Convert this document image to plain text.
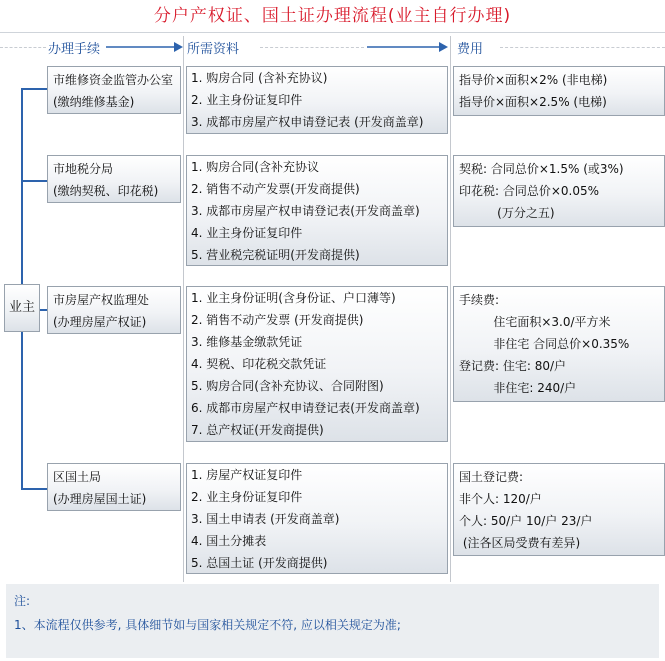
分户产权证、国土证办理流程(业主自行办理)
办理手续	所需资料	费用
业主
市维修资金监管办公室
(缴纳维修基金)
1. 购房合同 (含补充协议)
2. 业主身份证复印件
3. 成都市房屋产权申请登记表 (开发商盖章)
指导价×面积×2% (非电梯)
指导价×面积×2.5% (电梯)
市地税分局
(缴纳契税、印花税)
1. 购房合同(含补充协议
2. 销售不动产发票(开发商提供)
3. 成都市房屋产权申请登记表(开发商盖章)
4. 业主身份证复印件
5. 营业税完税证明(开发商提供)
契税: 合同总价×1.5% (或3%)
印花税: 合同总价×0.05%
(万分之五)
市房屋产权监理处
(办理房屋产权证)
1. 业主身份证明(含身份证、户口薄等)
2. 销售不动产发票 (开发商提供)
3. 维修基金缴款凭证
4. 契税、印花税交款凭证
5. 购房合同(含补充协议、合同附图)
6. 成都市房屋产权申请登记表(开发商盖章)
7. 总产权证(开发商提供)
手续费:
住宅面积×3.0/平方米
非住宅 合同总价×0.35%
登记费: 住宅: 80/户
非住宅: 240/户
区国土局
(办理房屋国土证)
1. 房屋产权证复印件
2. 业主身份证复印件
3. 国土申请表 (开发商盖章)
4. 国土分摊表
5. 总国土证 (开发商提供)
国土登记费:
非个人: 120/户
个人: 50/户 10/户 23/户
(注各区局受费有差异)
注:
1、本流程仅供参考, 具体细节如与国家相关规定不符, 应以相关规定为准;
